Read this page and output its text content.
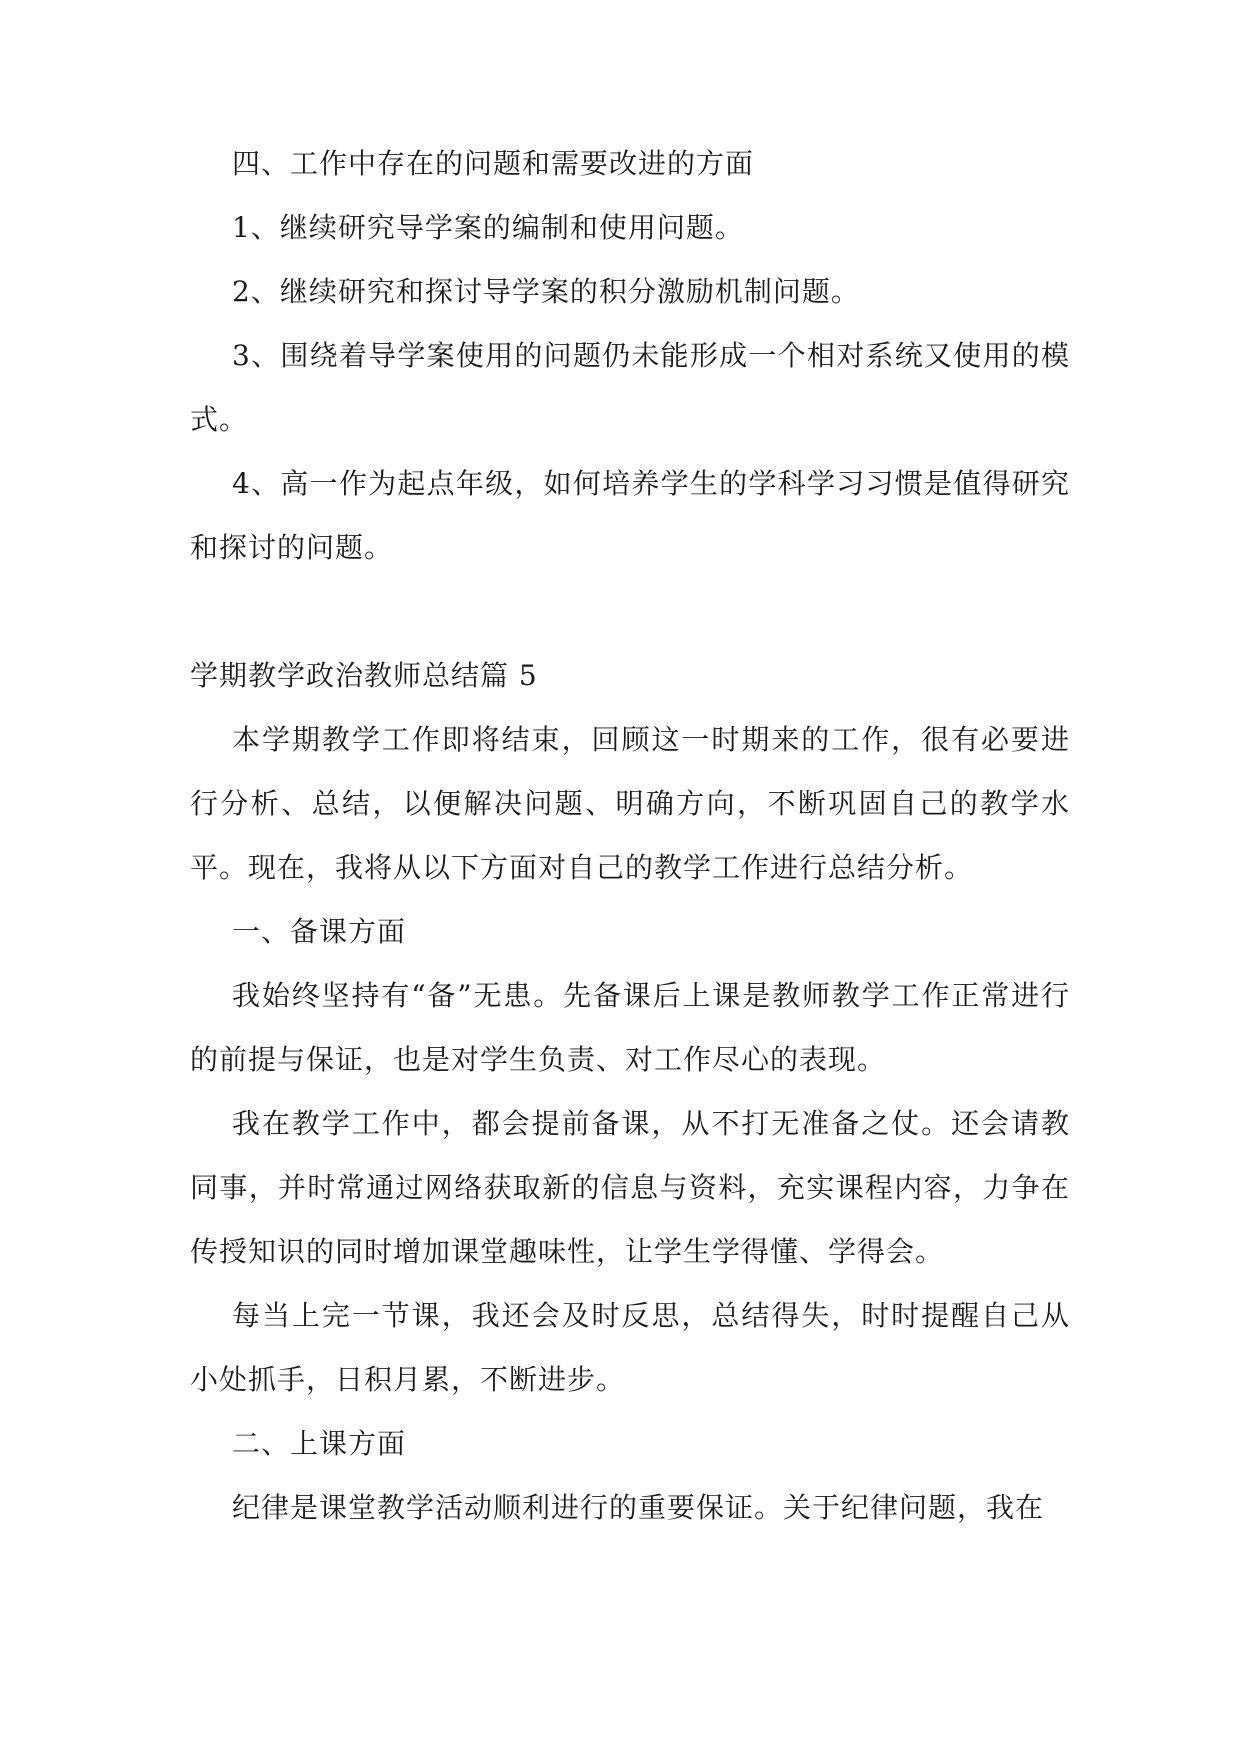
四、工作中存在的问题和需要改进的方面

1、继续研究导学案的编制和使用问题。

2、继续研究和探讨导学案的积分激励机制问题。

3、围绕着导学案使用的问题仍未能形成一个相对系统又使用的模式。

4、高一作为起点年级，如何培养学生的学科学习习惯是值得研究和探讨的问题。

学期教学政治教师总结篇 5

本学期教学工作即将结束，回顾这一时期来的工作，很有必要进行分析、总结，以便解决问题、明确方向，不断巩固自己的教学水平。现在，我将从以下方面对自己的教学工作进行总结分析。

一、备课方面

我始终坚持有“备”无患。先备课后上课是教师教学工作正常进行的前提与保证，也是对学生负责、对工作尽心的表现。

我在教学工作中，都会提前备课，从不打无准备之仗。还会请教同事，并时常通过网络获取新的信息与资料，充实课程内容，力争在传授知识的同时增加课堂趣味性，让学生学得懂、学得会。

每当上完一节课，我还会及时反思，总结得失，时时提醒自己从小处抓手，日积月累，不断进步。

二、上课方面

纪律是课堂教学活动顺利进行的重要保证。关于纪律问题，我在
